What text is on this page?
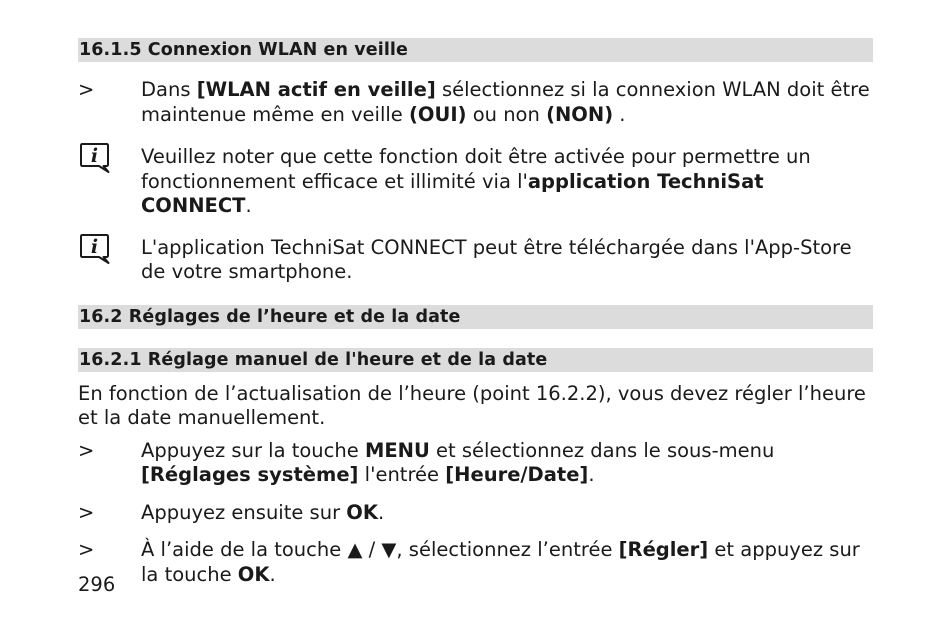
16.1.5 Connexion WLAN en veille
> Dans [WLAN actif en veille] sélectionnez si la connexion WLAN doit être maintenue même en veille (OUI) ou non (NON) .
i Veuillez noter que cette fonction doit être activée pour permettre un fonctionnement efficace et illimité via l'application TechniSat CONNECT.
i L'application TechniSat CONNECT peut être téléchargée dans l'App-Store de votre smartphone.
16.2 Réglages de l’heure et de la date
16.2.1 Réglage manuel de l'heure et de la date
En fonction de l’actualisation de l’heure (point 16.2.2), vous devez régler l’heure et la date manuellement.
> Appuyez sur la touche MENU et sélectionnez dans le sous-menu [Réglages système] l'entrée [Heure/Date].
> Appuyez ensuite sur OK.
> À l’aide de la touche ▲ / ▼, sélectionnez l’entrée [Régler] et appuyez sur la touche OK.
296
